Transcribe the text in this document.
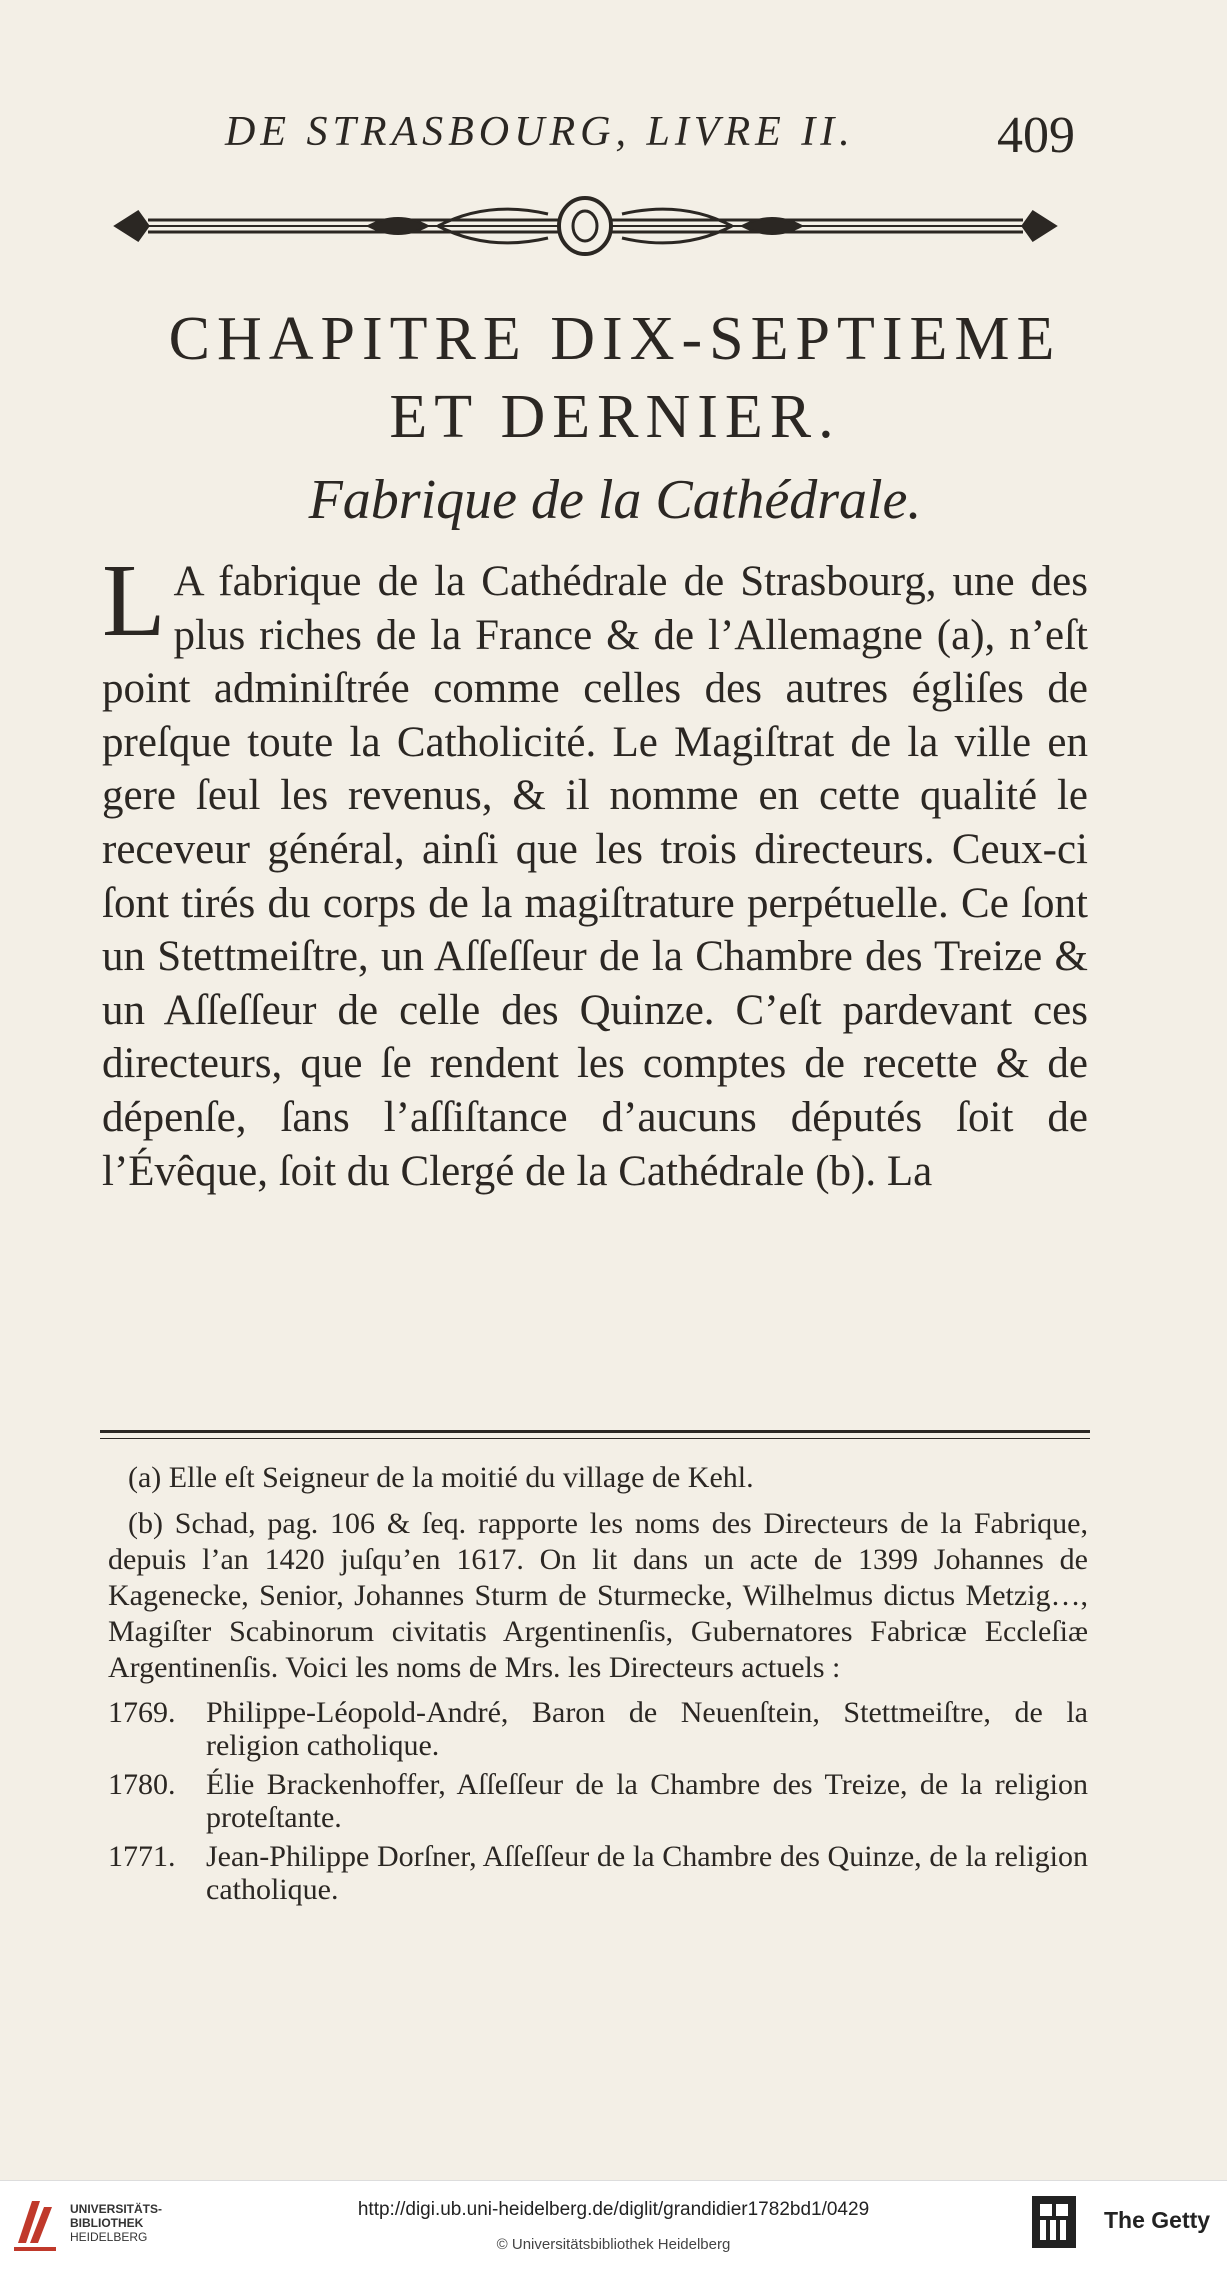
DE STRASBOURG, LIVRE II.	409
CHAPITRE DIX-SEPTIEME
ET DERNIER.
Fabrique de la Cathédrale.
L A fabrique de la Cathédrale de Strasbourg, une des plus riches de la France & de l’Allemagne (a), n’eſt point adminiſtrée comme celles des autres égliſes de preſque toute la Catholicité. Le Magiſtrat de la ville en gere ſeul les revenus, & il nomme en cette qualité le receveur général, ainſi que les trois directeurs. Ceux-ci ſont tirés du corps de la magiſtrature perpétuelle. Ce ſont un Stettmeiſtre, un Aſſeſſeur de la Chambre des Treize & un Aſſeſſeur de celle des Quinze. C’eſt pardevant ces directeurs, que ſe rendent les comptes de recette & de dépenſe, ſans l’aſſiſtance d’aucuns députés ſoit de l’Évêque, ſoit du Clergé de la Cathédrale (b). La

(a) Elle eſt Seigneur de la moitié du village de Kehl.

(b) Schad, pag. 106 & ſeq. rapporte les noms des Directeurs de la Fabrique, depuis l’an 1420 juſqu’en 1617. On lit dans un acte de 1399 Johannes de Kagenecke, Senior, Johannes Sturm de Sturmecke, Wilhelmus dictus Metzig…, Magiſter Scabinorum civitatis Argentinenſis, Gubernatores Fabricæ Eccleſiæ Argentinenſis. Voici les noms de Mrs. les Directeurs actuels :

1769. Philippe-Léopold-André, Baron de Neuenſtein, Stettmeiſtre, de la religion catholique.
1780. Élie Brackenhoffer, Aſſeſſeur de la Chambre des Treize, de la religion proteſtante.
1771. Jean-Philippe Dorſner, Aſſeſſeur de la Chambre des Quinze, de la religion catholique.
UNIVERSITÄTS-
BIBLIOTHEK
HEIDELBERG
http://digi.ub.uni-heidelberg.de/diglit/grandidier1782bd1/0429
© Universitätsbibliothek Heidelberg
The Getty
